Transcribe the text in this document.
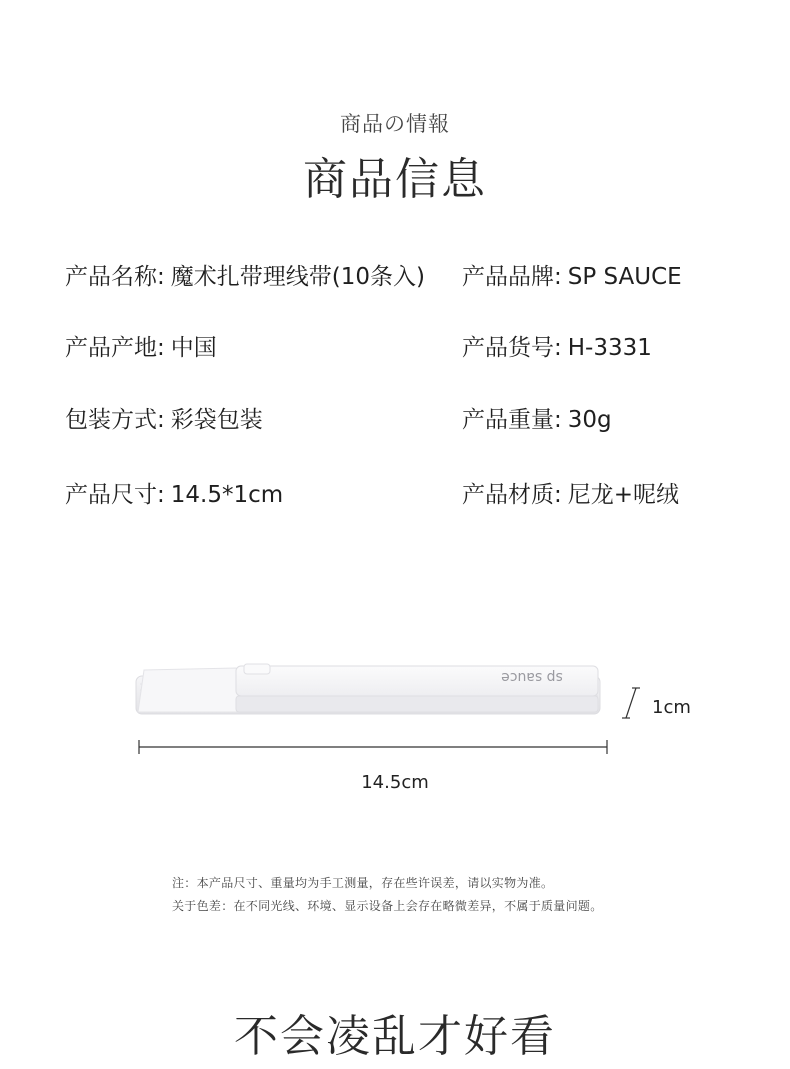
商品の情報
商品信息
产品名称: 魔术扎带理线带(10条入)
产品产地: 中国
包装方式: 彩袋包装
产品尺寸: 14.5*1cm
产品品牌: SP SAUCE
产品货号: H-3331
产品重量: 30g
产品材质: 尼龙+呢绒
sp sauce
1cm
14.5cm
注：本产品尺寸、重量均为手工测量，存在些许误差，请以实物为准。
关于色差：在不同光线、环境、显示设备上会存在略微差异，不属于质量问题。
不会凌乱才好看
